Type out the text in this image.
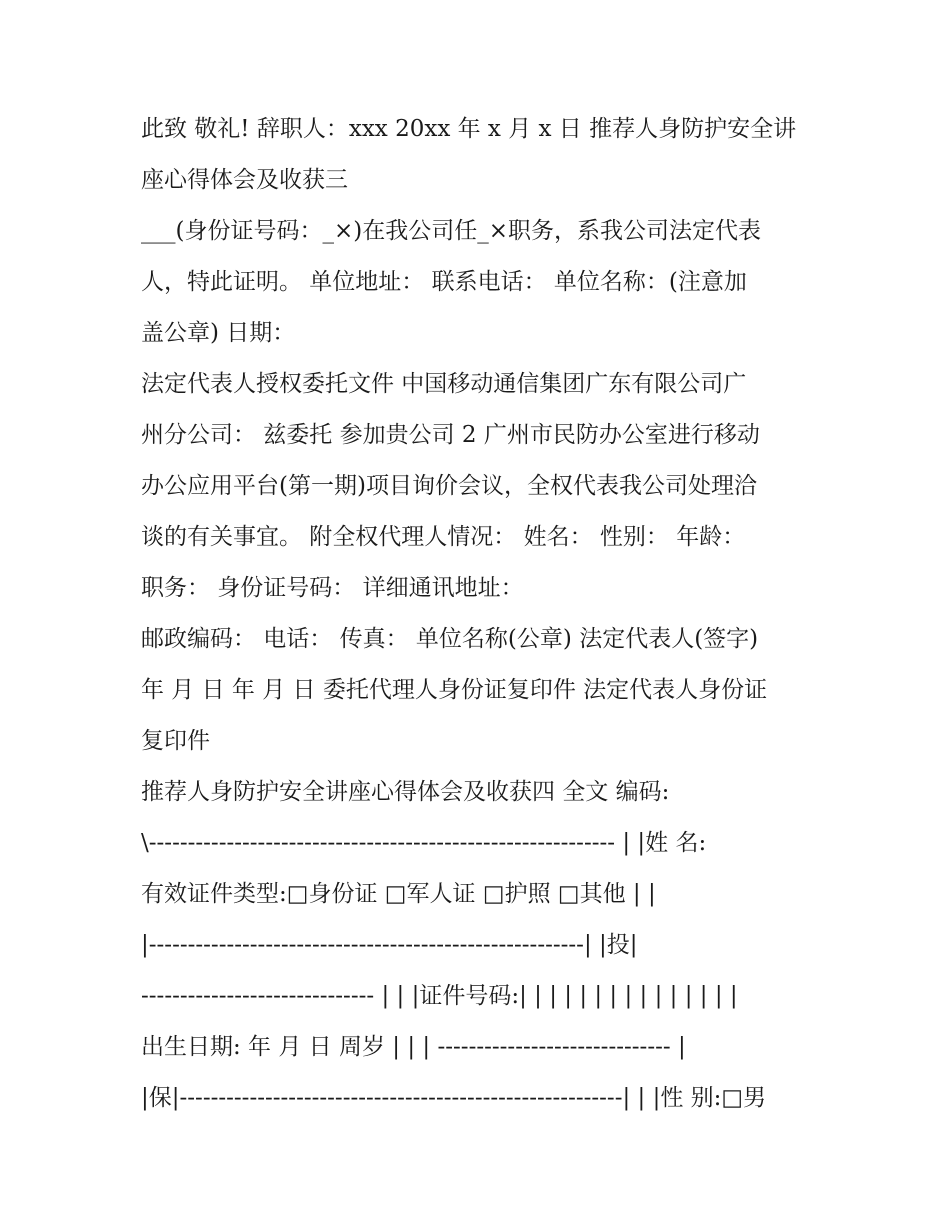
此致 敬礼! 辞职人：xxx 20xx 年 x 月 x 日 推荐人身防护安全讲
座心得体会及收获三
___(身份证号码：_×)在我公司任_×职务，系我公司法定代表
人，特此证明。 单位地址： 联系电话： 单位名称：(注意加
盖公章) 日期：
法定代表人授权委托文件 中国移动通信集团广东有限公司广
州分公司： 兹委托 参加贵公司 2 广州市民防办公室进行移动
办公应用平台(第一期)项目询价会议，全权代表我公司处理洽
谈的有关事宜。 附全权代理人情况： 姓名： 性别： 年龄：
职务： 身份证号码： 详细通讯地址：
邮政编码： 电话： 传真： 单位名称(公章) 法定代表人(签字)
年 月 日 年 月 日 委托代理人身份证复印件 法定代表人身份证
复印件
推荐人身防护安全讲座心得体会及收获四 全文 编码:
\------------------------------------------------------------ | |姓 名:
有效证件类型:□身份证 □军人证 □护照 □其他 | |
|--------------------------------------------------------| |投|
------------------------------ | | |证件号码:| | | | | | | | | | | | | | |
出生日期: 年 月 日 周岁 | | | ------------------------------ |
|保|---------------------------------------------------------| | |性 别:□男
